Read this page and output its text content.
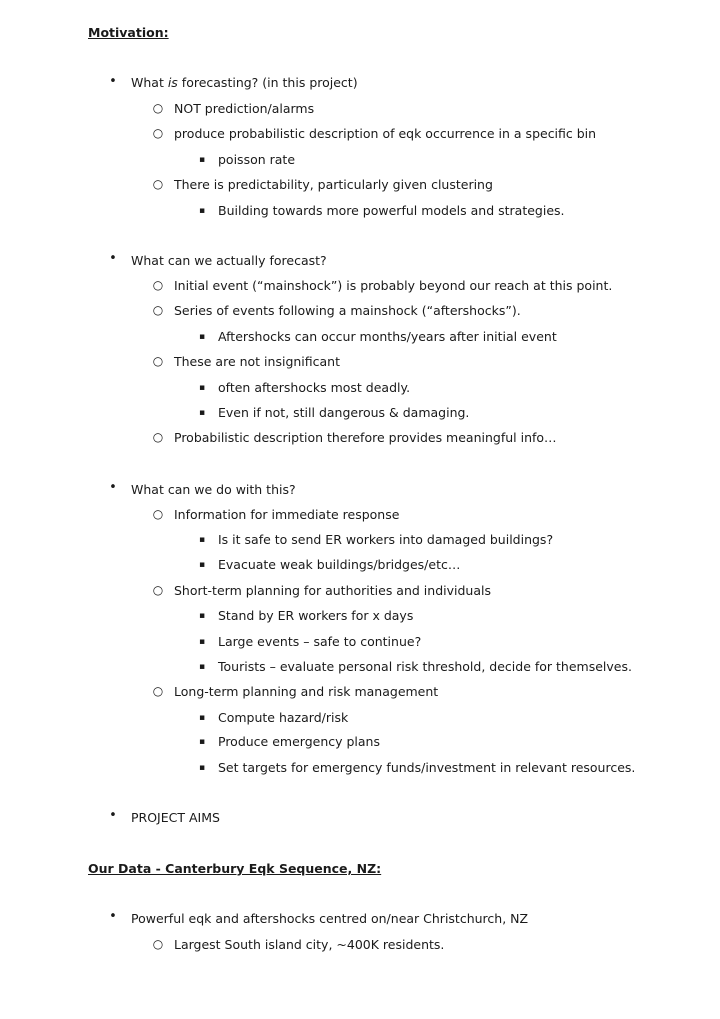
Motivation:
• What is forecasting? (in this project)
○ NOT prediction/alarms
○ produce probabilistic description of eqk occurrence in a specific bin
▪ poisson rate
○ There is predictability, particularly given clustering
▪ Building towards more powerful models and strategies.
• What can we actually forecast?
○ Initial event (“mainshock”) is probably beyond our reach at this point.
○ Series of events following a mainshock (“aftershocks”).
▪ Aftershocks can occur months/years after initial event
○ These are not insignificant
▪ often aftershocks most deadly.
▪ Even if not, still dangerous & damaging.
○ Probabilistic description therefore provides meaningful info…
• What can we do with this?
○ Information for immediate response
▪ Is it safe to send ER workers into damaged buildings?
▪ Evacuate weak buildings/bridges/etc…
○ Short-term planning for authorities and individuals
▪ Stand by ER workers for x days
▪ Large events – safe to continue?
▪ Tourists – evaluate personal risk threshold, decide for themselves.
○ Long-term planning and risk management
▪ Compute hazard/risk
▪ Produce emergency plans
▪ Set targets for emergency funds/investment in relevant resources.
• PROJECT AIMS
Our Data - Canterbury Eqk Sequence, NZ:
• Powerful eqk and aftershocks centred on/near Christchurch, NZ
○ Largest South island city, ~400K residents.
